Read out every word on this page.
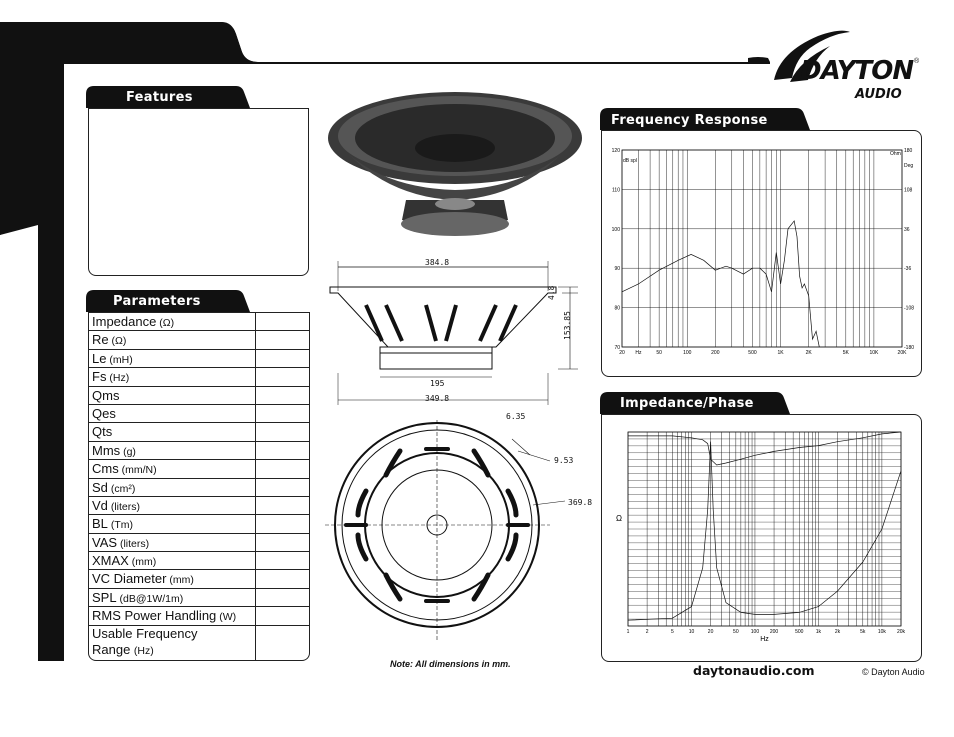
DAYTON
AUDIO
®
Features
Parameters
Impedance (Ω)
Re (Ω)
Le (mH)
Fs (Hz)
Qms
Qes
Qts
Mms (g)
Cms (mm/N)
Sd (cm²)
Vd (liters)
BL (Tm)
VAS (liters)
XMAX (mm)
VC Diameter (mm)
SPL (dB@1W/1m)
RMS Power Handling (W)
Usable Frequency
Range (Hz)
384.8
4.8
153.85
195
349.8
6.35
9.53
369.8
Note: All dimensions in mm.
Frequency Response
120
110
100
90
80
70
180
108
36
-36
-108
-180
20 Hz	50	100	200	500	1K	2K	5K	10K	20K
dB spl
Ohm
Deg
Impedance/Phase
1	2	5	10	20	50 100 200	500 1k	2k	5k 10k 20k
Ω
Hz
daytonaudio.com	© Dayton Audio
